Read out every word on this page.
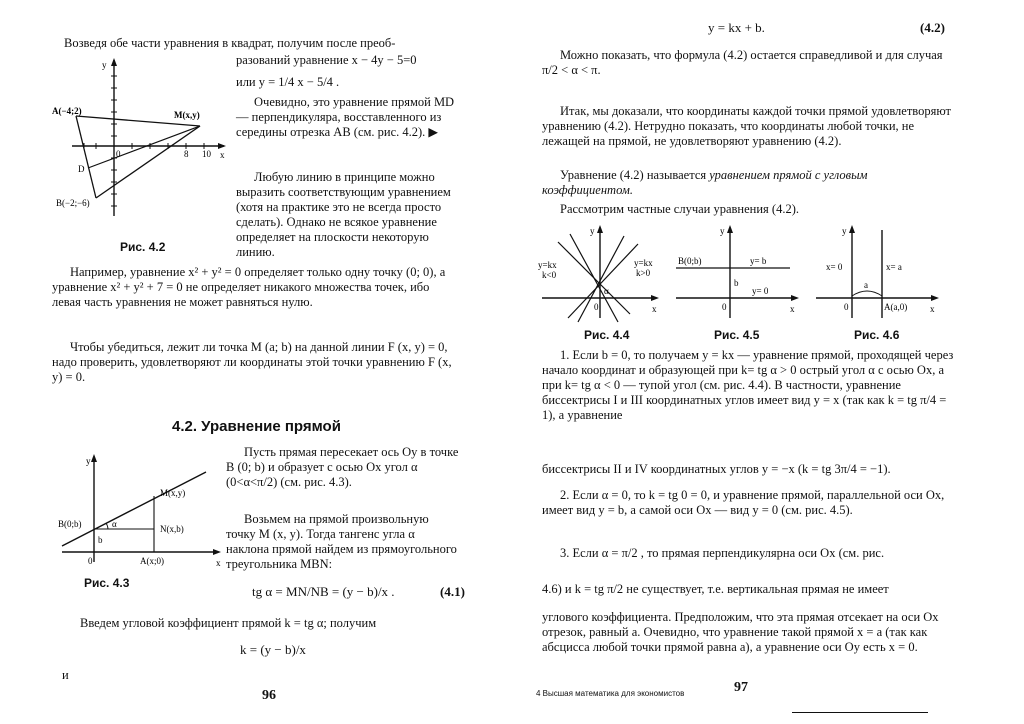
Возведя обе части уравнения в квадрат, получим после преоб-
разований уравнение x − 4y − 5=0
или y = 1/4 x − 5/4 .
y
A(−4;2)	M(x,y)
D
B(−2;−6)
0	8 10 x
Рис. 4.2
Очевидно, это уравнение прямой MD — перпендикуляра, восставленного из середины отрезка AB (см. рис. 4.2). ▶
Любую линию в принципе можно выразить соответствующим уравнением (хотя на практике это не всегда просто сделать). Однако не всякое уравнение определяет на плоскости некоторую линию.
Например, уравнение x² + y² = 0 определяет только одну точку (0; 0), а уравнение x² + y² + 7 = 0 не определяет никакого множества точек, ибо левая часть уравнения не может равняться нулю.
Чтобы убедиться, лежит ли точка M (a; b) на данной линии F (x, y) = 0, надо проверить, удовлетворяют ли координаты этой точки уравнению F (x, y) = 0.
4.2. Уравнение прямой
y
M(x,y)
N(x,b)
B(0;b)	α
b
A(x;0)
0	x
Рис. 4.3
Пусть прямая пересекает ось Oy в точке B (0; b) и образует с осью Ox угол α (0<α<π/2) (см. рис. 4.3).
Возьмем на прямой произвольную точку M (x, y). Тогда тангенс угла α наклона прямой найдем из прямоугольного треугольника MBN:
tg α = MN/NB = (y − b)/x .	(4.1)
Введем угловой коэффициент прямой k = tg α; получим
k = (y − b)/x
и
96
y = kx + b.	(4.2)
Можно показать, что формула (4.2) остается справедливой и для случая π/2 < α < π.
Итак, мы доказали, что координаты каждой точки прямой удовлетворяют уравнению (4.2). Нетрудно показать, что координаты любой точки, не лежащей на прямой, не удовлетворяют уравнению (4.2).
Уравнение (4.2) называется уравнением прямой с угловым коэффициентом.
Рассмотрим частные случаи уравнения (4.2).
y
y=kx
k<0
y=kx
k>0
α
0	x
Рис. 4.4
y
B(0;b)	y= b
b
y= 0
0	x
Рис. 4.5
y
x= 0	x= a
a
A(a,0)
0	x
Рис. 4.6
1. Если b = 0, то получаем y = kx — уравнение прямой, проходящей через начало координат и образующей при k= tg α > 0 острый угол α с осью Ox, а при k= tg α < 0 — тупой угол (см. рис. 4.4). В частности, уравнение биссектрисы I и III координатных углов имеет вид y = x (так как k = tg π/4 = 1), а уравнение
биссектрисы II и IV координатных углов y = −x (k = tg 3π/4 = −1).
2. Если α = 0, то k = tg 0 = 0, и уравнение прямой, параллельной оси Ox, имеет вид y = b, а самой оси Ox — вид y = 0 (см. рис. 4.5).
3. Если α = π/2 , то прямая перпендикулярна оси Ox (см. рис.
4.6) и k = tg π/2 не существует, т.е. вертикальная прямая не имеет
углового коэффициента. Предположим, что эта прямая отсекает на оси Ox отрезок, равный a. Очевидно, что уравнение такой прямой x = a (так как абсцисса любой точки прямой равна a), а уравнение оси Oy есть x = 0.
4 Высшая математика для экономистов	97
